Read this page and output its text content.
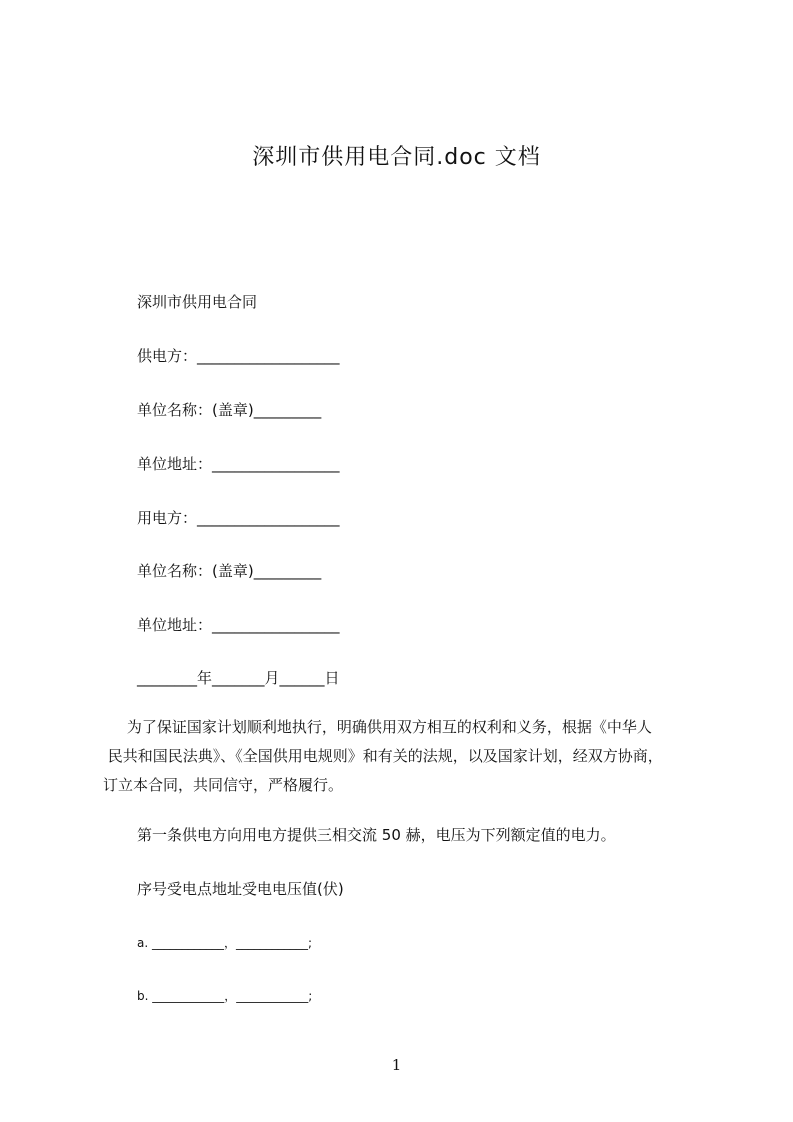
深圳市供用电合同.doc 文档
深圳市供用电合同
供电方：___________________
单位名称：(盖章)_________
单位地址：_________________
用电方：___________________
单位名称：(盖章)_________
单位地址：_________________
________年_______月______日
为了保证国家计划顺利地执行，明确供用双方相互的权利和义务，根据《中华人
民共和国民法典》、《全国供用电规则》和有关的法规，以及国家计划，经双方协商，
订立本合同，共同信守，严格履行。
第一条供电方向用电方提供三相交流 50 赫，电压为下列额定值的电力。
序号受电点地址受电电压值(伏)
a. ____________，____________;
b. ____________，____________;
1
